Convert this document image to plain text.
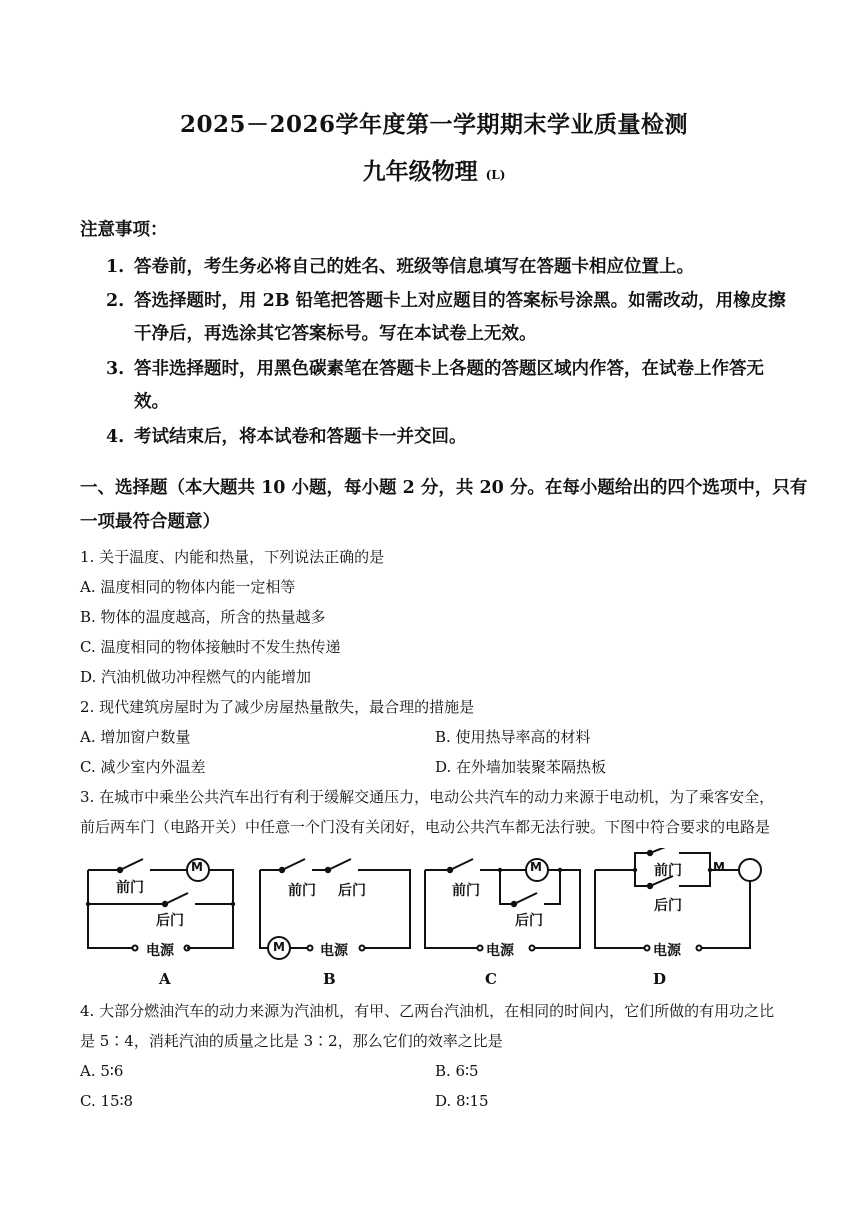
2025－2026学年度第一学期期末学业质量检测
九年级物理 (L)
注意事项：
1. 答卷前，考生务必将自己的姓名、班级等信息填写在答题卡相应位置上。
2. 答选择题时，用 2B 铅笔把答题卡上对应题目的答案标号涂黑。如需改动，用橡皮擦
干净后，再选涂其它答案标号。写在本试卷上无效。
3. 答非选择题时，用黑色碳素笔在答题卡上各题的答题区域内作答，在试卷上作答无
效。
4. 考试结束后，将本试卷和答题卡一并交回。
一、选择题（本大题共 10 小题，每小题 2 分，共 20 分。在每小题给出的四个选项中，只有
一项最符合题意）
1. 关于温度、内能和热量，下列说法正确的是
A. 温度相同的物体内能一定相等
B. 物体的温度越高，所含的热量越多
C. 温度相同的物体接触时不发生热传递
D. 汽油机做功冲程燃气的内能增加
2. 现代建筑房屋时为了减少房屋热量散失，最合理的措施是
A. 增加窗户数量	B. 使用热导率高的材料
C. 减少室内外温差	D. 在外墙加装聚苯隔热板
3. 在城市中乘坐公共汽车出行有利于缓解交通压力，电动公共汽车的动力来源于电动机，为了乘客安全，
前后两车门（电路开关）中任意一个门没有关闭好，电动公共汽车都无法行驶。下图中符合要求的电路是
前门
后门
M
电源
前门 后门
M	电源
前门
后门
M
电源
前门
后门
M
电源
A	B	C	D
4. 大部分燃油汽车的动力来源为汽油机，有甲、乙两台汽油机，在相同的时间内，它们所做的有用功之比
是 5∶4，消耗汽油的质量之比是 3∶2，那么它们的效率之比是
A. 5∶6	B. 6∶5
C. 15∶8	D. 8∶15
